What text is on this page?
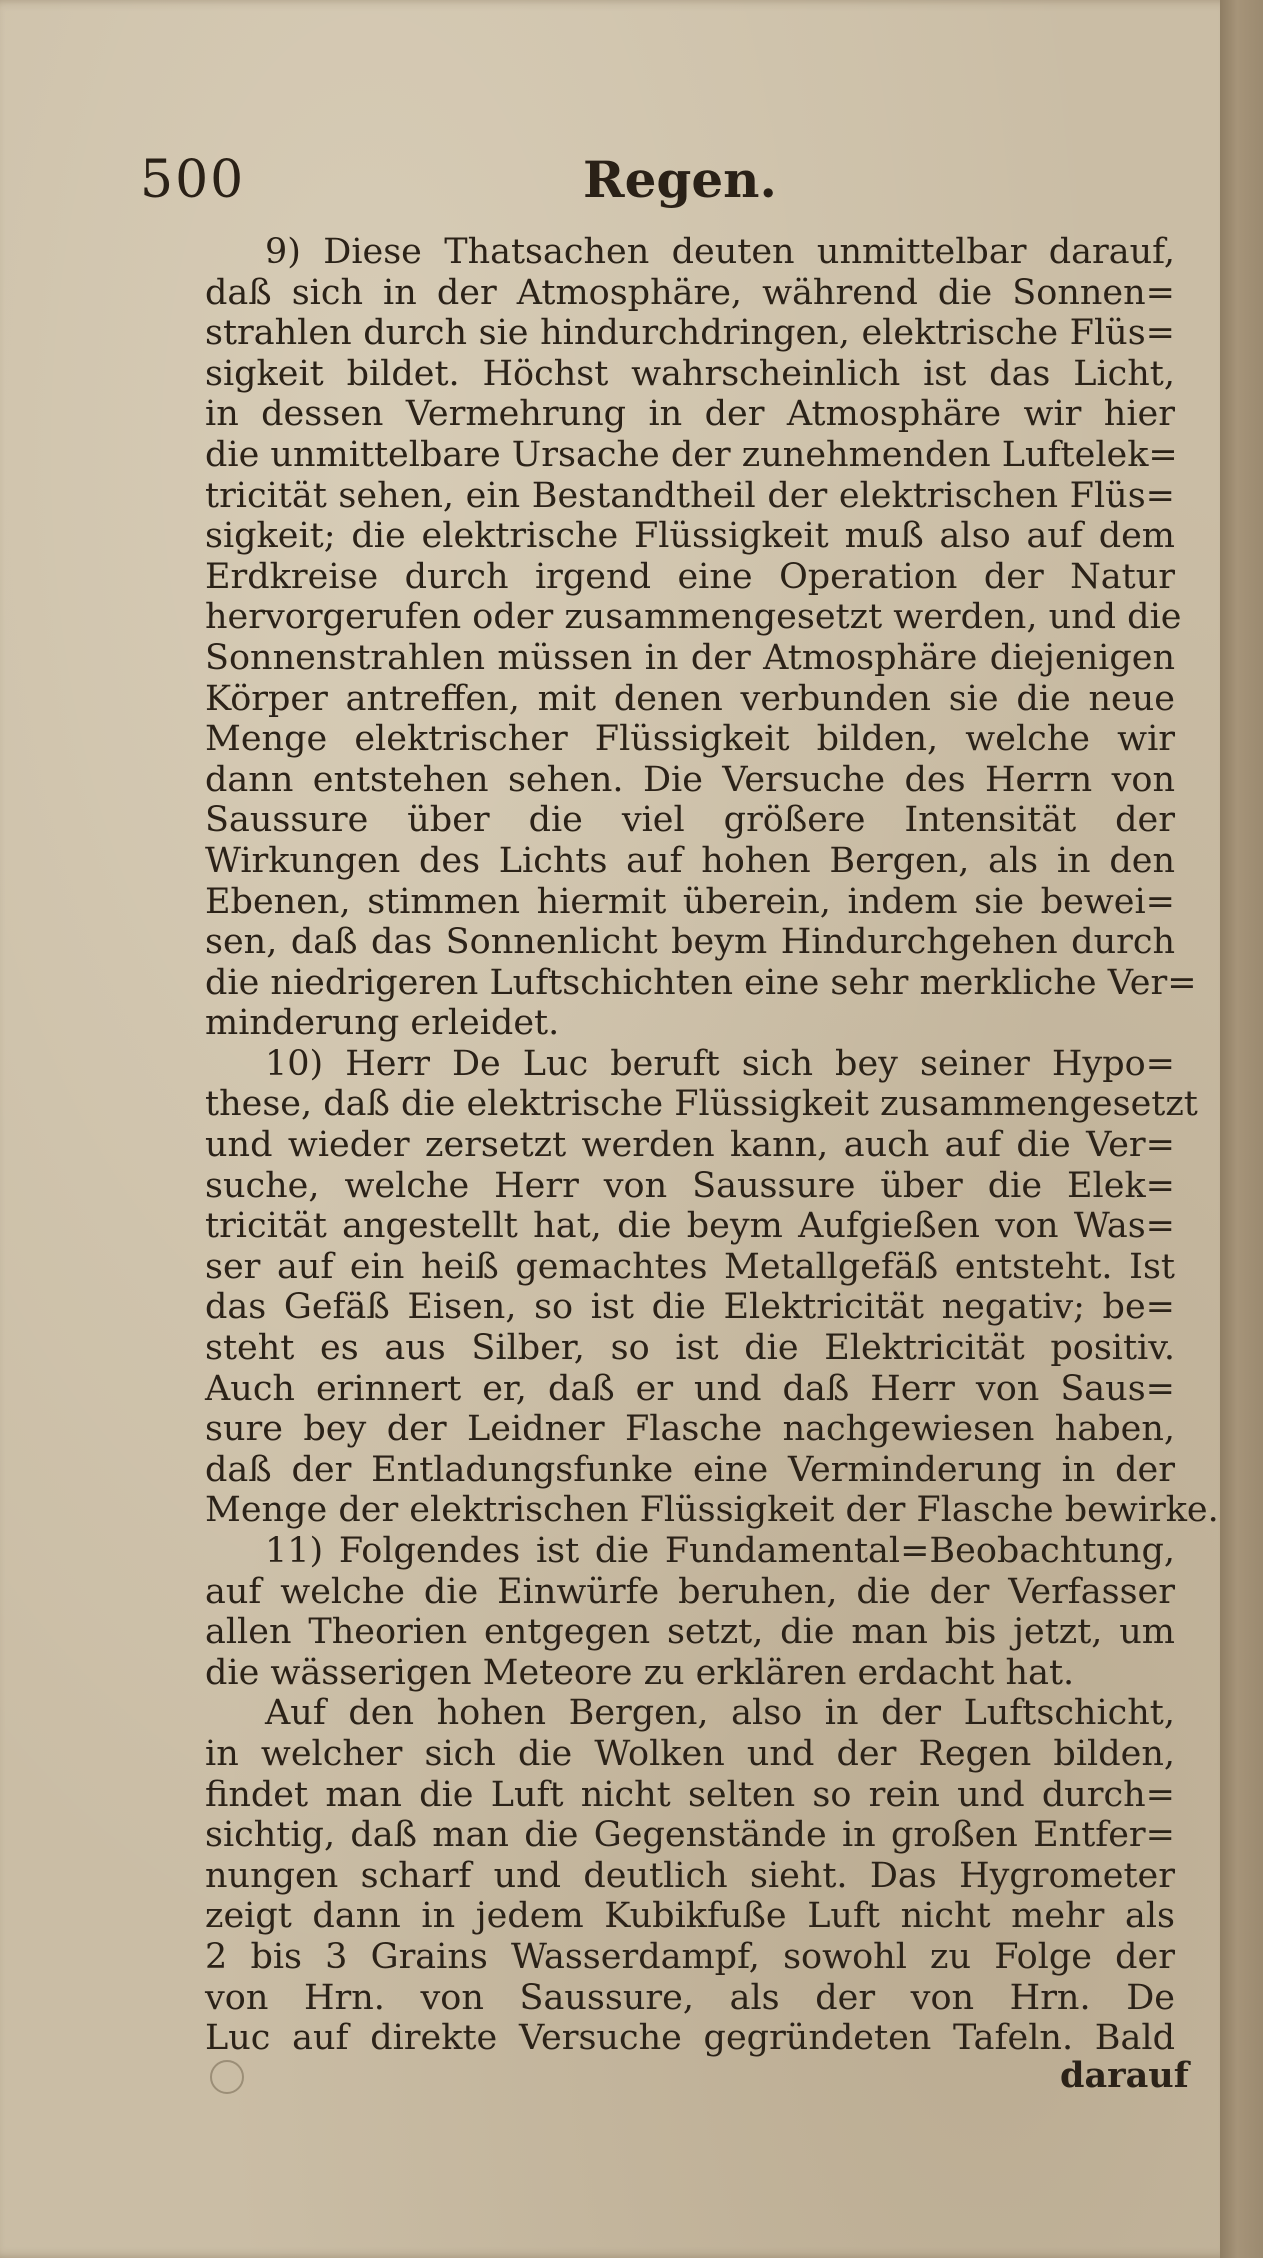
500	Regen.
9) Diese Thatsachen deuten unmittelbar darauf,
daß sich in der Atmosphäre, während die Sonnen=
strahlen durch sie hindurchdringen, elektrische Flüs=
sigkeit bildet. Höchst wahrscheinlich ist das Licht,
in dessen Vermehrung in der Atmosphäre wir hier
die unmittelbare Ursache der zunehmenden Luftelek=
tricität sehen, ein Bestandtheil der elektrischen Flüs=
sigkeit; die elektrische Flüssigkeit muß also auf dem
Erdkreise durch irgend eine Operation der Natur
hervorgerufen oder zusammengesetzt werden, und die
Sonnenstrahlen müssen in der Atmosphäre diejenigen
Körper antreffen, mit denen verbunden sie die neue
Menge elektrischer Flüssigkeit bilden, welche wir
dann entstehen sehen. Die Versuche des Herrn von
Saussure über die viel größere Intensität der
Wirkungen des Lichts auf hohen Bergen, als in den
Ebenen, stimmen hiermit überein, indem sie bewei=
sen, daß das Sonnenlicht beym Hindurchgehen durch
die niedrigeren Luftschichten eine sehr merkliche Ver=
minderung erleidet.
10) Herr De Luc beruft sich bey seiner Hypo=
these, daß die elektrische Flüssigkeit zusammengesetzt
und wieder zersetzt werden kann, auch auf die Ver=
suche, welche Herr von Saussure über die Elek=
tricität angestellt hat, die beym Aufgießen von Was=
ser auf ein heiß gemachtes Metallgefäß entsteht. Ist
das Gefäß Eisen, so ist die Elektricität negativ; be=
steht es aus Silber, so ist die Elektricität positiv.
Auch erinnert er, daß er und daß Herr von Saus=
sure bey der Leidner Flasche nachgewiesen haben,
daß der Entladungsfunke eine Verminderung in der
Menge der elektrischen Flüssigkeit der Flasche bewirke.
11) Folgendes ist die Fundamental=Beobachtung,
auf welche die Einwürfe beruhen, die der Verfasser
allen Theorien entgegen setzt, die man bis jetzt, um
die wässerigen Meteore zu erklären erdacht hat.
Auf den hohen Bergen, also in der Luftschicht,
in welcher sich die Wolken und der Regen bilden,
findet man die Luft nicht selten so rein und durch=
sichtig, daß man die Gegenstände in großen Entfer=
nungen scharf und deutlich sieht. Das Hygrometer
zeigt dann in jedem Kubikfuße Luft nicht mehr als
2 bis 3 Grains Wasserdampf, sowohl zu Folge der
von Hrn. von Saussure, als der von Hrn. De
Luc auf direkte Versuche gegründeten Tafeln. Bald
darauf
